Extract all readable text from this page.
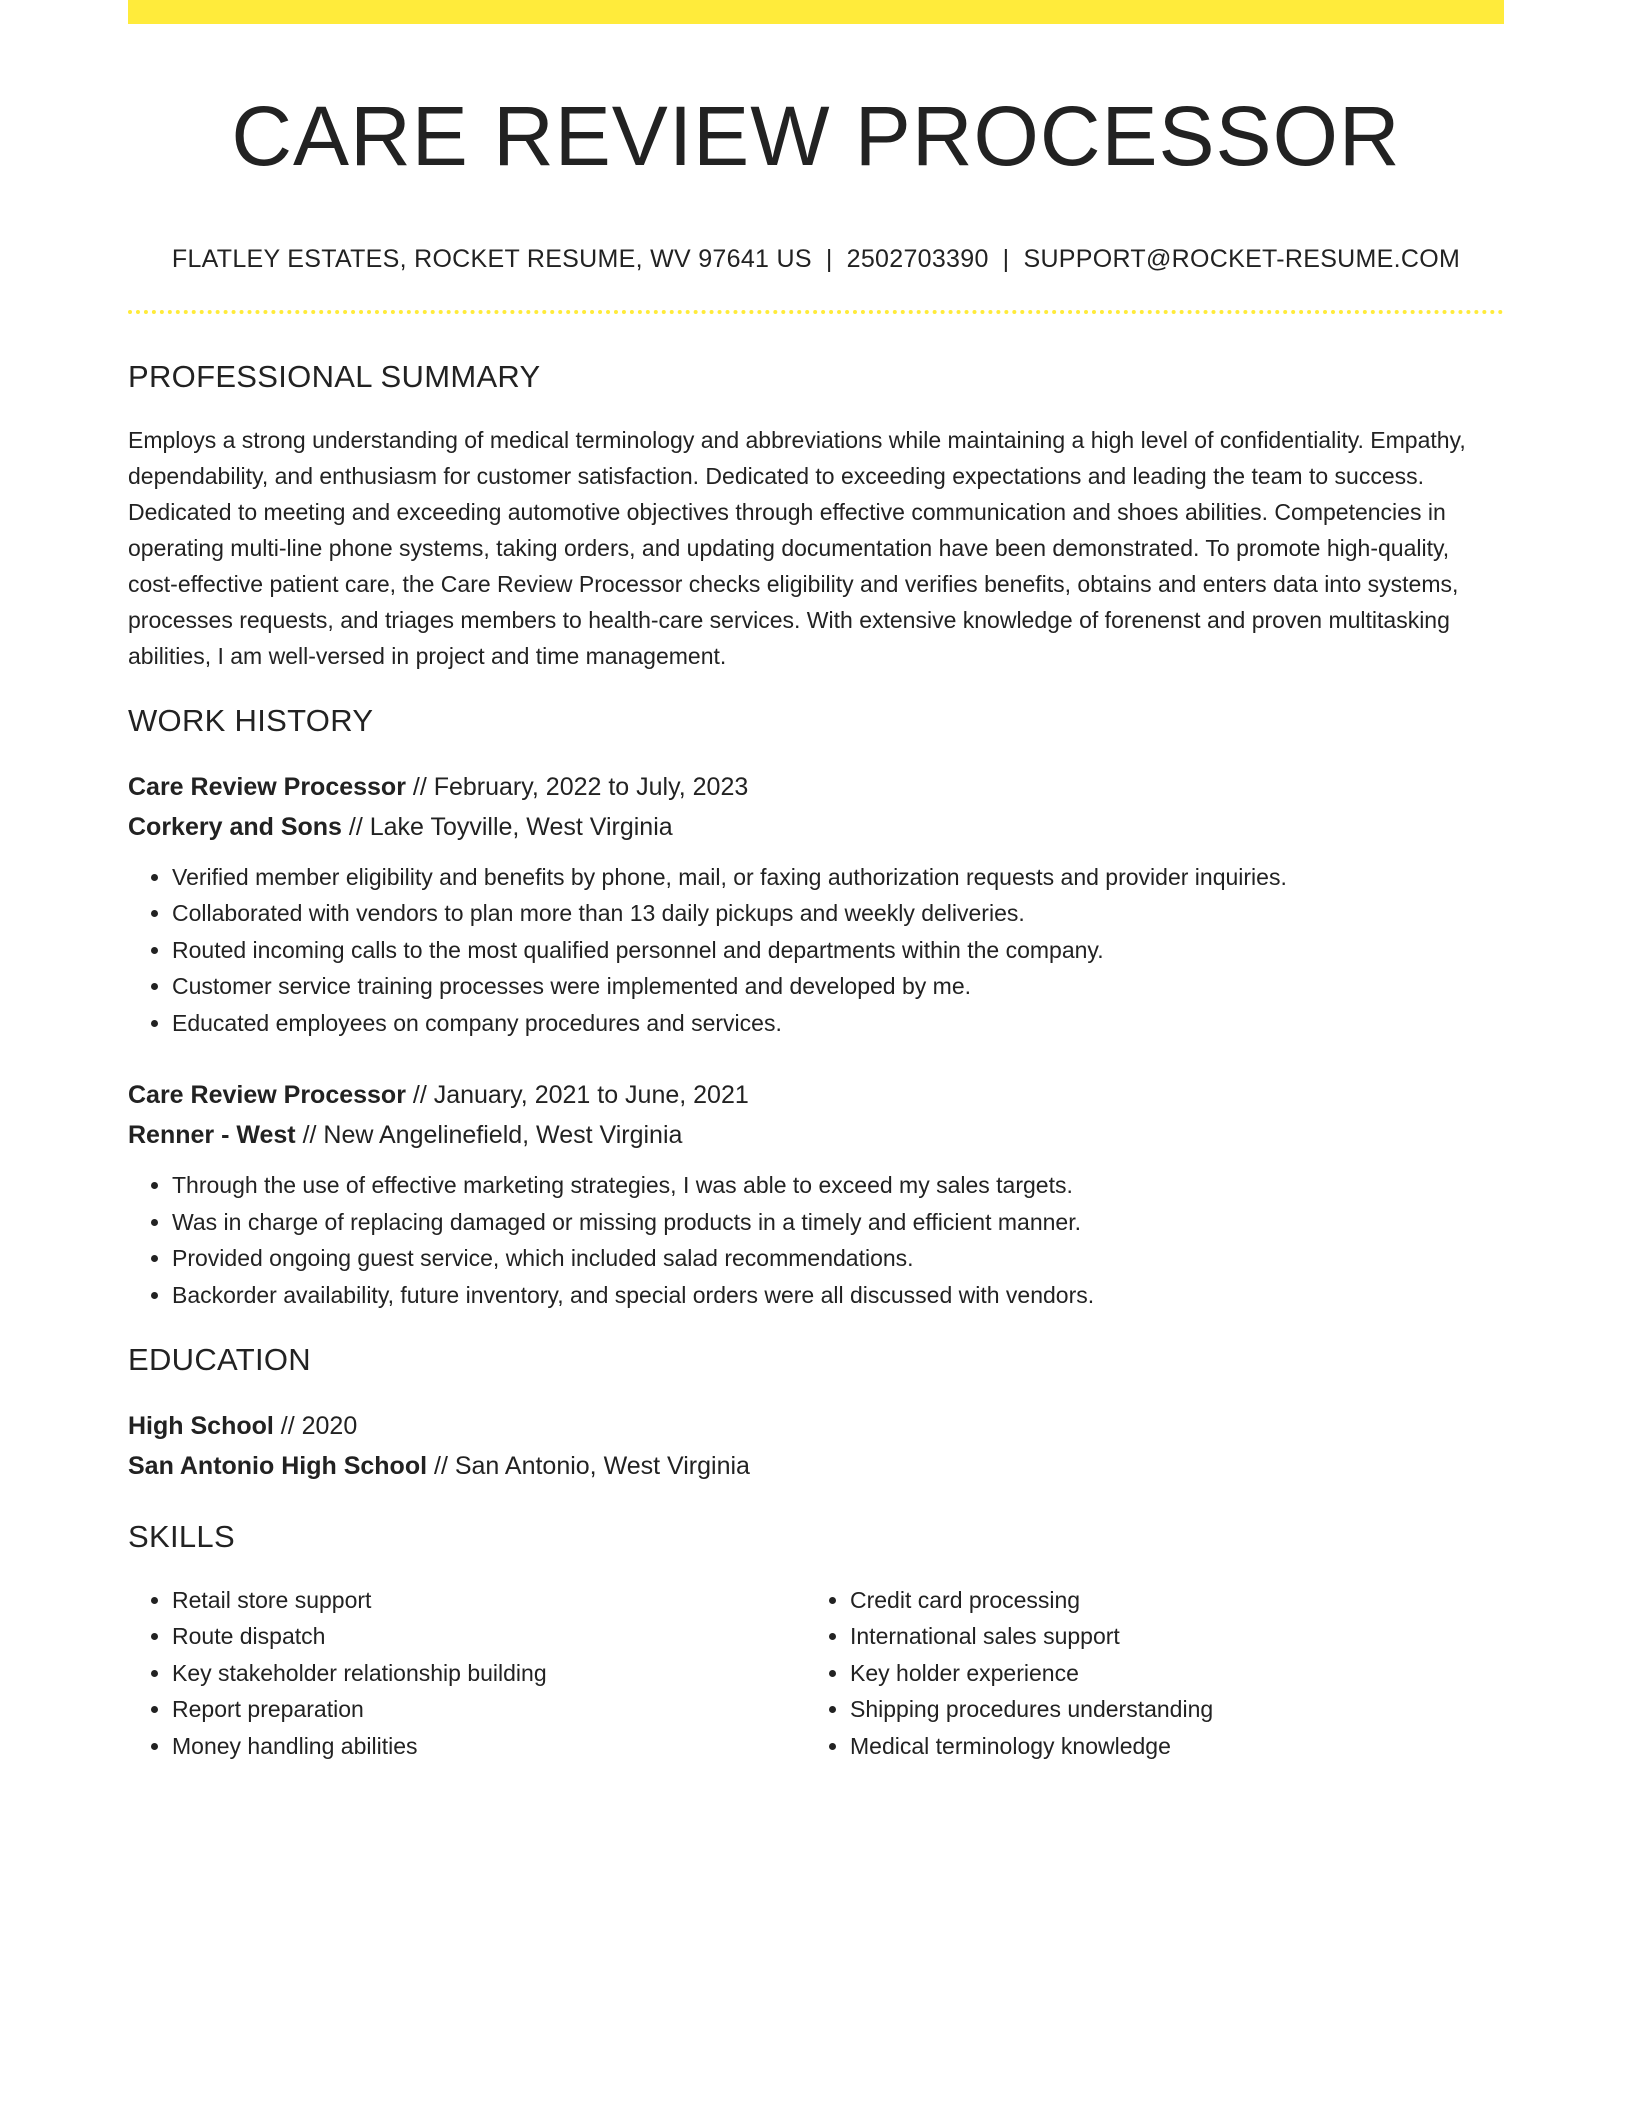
CARE REVIEW PROCESSOR
FLATLEY ESTATES, ROCKET RESUME, WV 97641 US | 2502703390 | SUPPORT@ROCKET-RESUME.COM
PROFESSIONAL SUMMARY
Employs a strong understanding of medical terminology and abbreviations while maintaining a high level of confidentiality. Empathy, dependability, and enthusiasm for customer satisfaction. Dedicated to exceeding expectations and leading the team to success. Dedicated to meeting and exceeding automotive objectives through effective communication and shoes abilities. Competencies in operating multi-line phone systems, taking orders, and updating documentation have been demonstrated. To promote high-quality, cost-effective patient care, the Care Review Processor checks eligibility and verifies benefits, obtains and enters data into systems, processes requests, and triages members to health-care services. With extensive knowledge of forenenst and proven multitasking abilities, I am well-versed in project and time management.
WORK HISTORY
Care Review Processor // February, 2022 to July, 2023
Corkery and Sons // Lake Toyville, West Virginia
• Verified member eligibility and benefits by phone, mail, or faxing authorization requests and provider inquiries.
• Collaborated with vendors to plan more than 13 daily pickups and weekly deliveries.
• Routed incoming calls to the most qualified personnel and departments within the company.
• Customer service training processes were implemented and developed by me.
• Educated employees on company procedures and services.
Care Review Processor // January, 2021 to June, 2021
Renner - West // New Angelinefield, West Virginia
• Through the use of effective marketing strategies, I was able to exceed my sales targets.
• Was in charge of replacing damaged or missing products in a timely and efficient manner.
• Provided ongoing guest service, which included salad recommendations.
• Backorder availability, future inventory, and special orders were all discussed with vendors.
EDUCATION
High School // 2020
San Antonio High School // San Antonio, West Virginia
SKILLS
• Retail store support
• Route dispatch
• Key stakeholder relationship building
• Report preparation
• Money handling abilities
• Credit card processing
• International sales support
• Key holder experience
• Shipping procedures understanding
• Medical terminology knowledge
